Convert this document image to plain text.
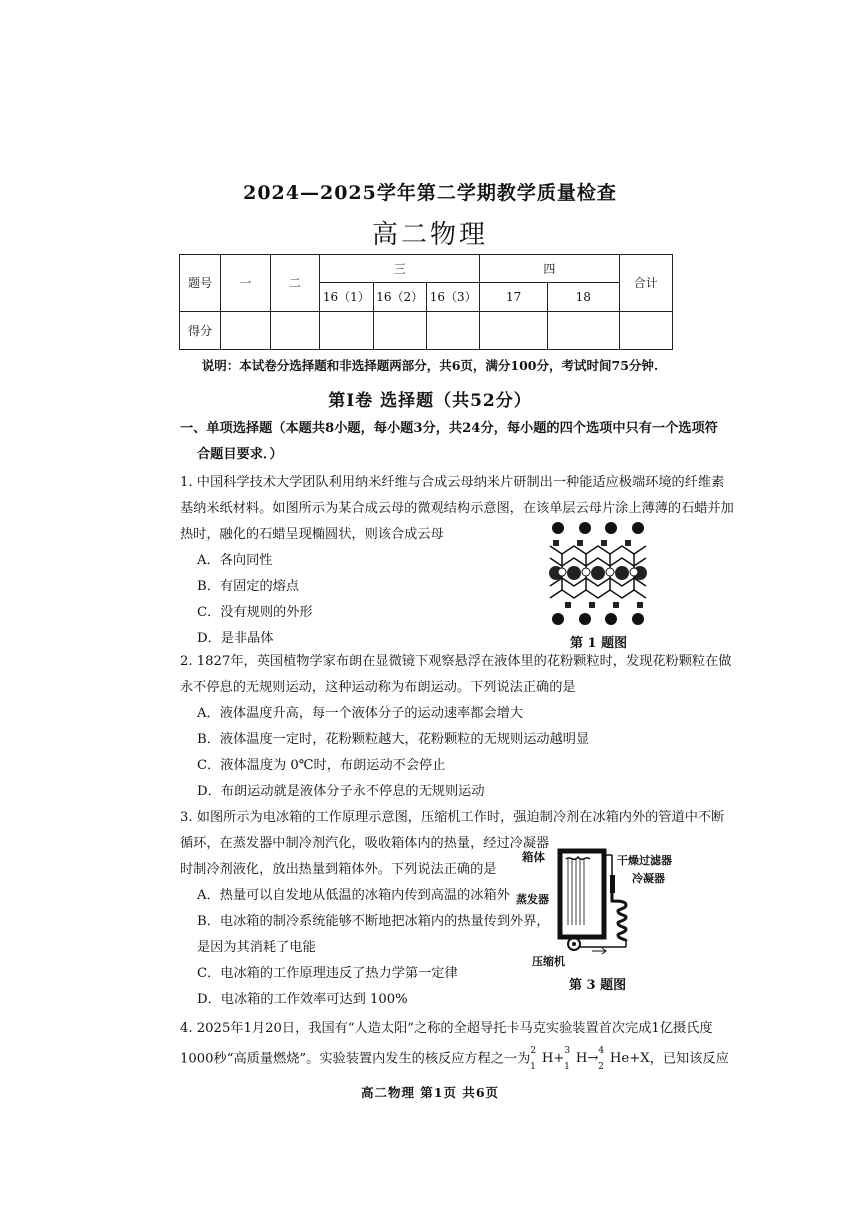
2024—2025学年第二学期教学质量检查
高二物理
题号	一	二	三			四		合计
			16（1）	16（2）	16（3）	17	18	
得分								
说明：本试卷分选择题和非选择题两部分，共6页，满分100分，考试时间75分钟.
第Ⅰ卷 选择题（共52分）
一、单项选择题（本题共8小题，每小题3分，共24分，每小题的四个选项中只有一个选项符
合题目要求．）
1. 中国科学技术大学团队利用纳米纤维与合成云母纳米片研制出一种能适应极端环境的纤维素
基纳米纸材料。如图所示为某合成云母的微观结构示意图，在该单层云母片涂上薄薄的石蜡并加
热时，融化的石蜡呈现椭圆状，则该合成云母
A．各向同性
B．有固定的熔点
C．没有规则的外形
D．是非晶体	第 1 题图
2. 1827年，英国植物学家布朗在显微镜下观察悬浮在液体里的花粉颗粒时，发现花粉颗粒在做
永不停息的无规则运动，这种运动称为布朗运动。下列说法正确的是
A．液体温度升高，每一个液体分子的运动速率都会增大
B．液体温度一定时，花粉颗粒越大，花粉颗粒的无规则运动越明显
C．液体温度为 0℃时，布朗运动不会停止
D．布朗运动就是液体分子永不停息的无规则运动
3. 如图所示为电冰箱的工作原理示意图，压缩机工作时，强迫制冷剂在冰箱内外的管道中不断
循环，在蒸发器中制冷剂汽化，吸收箱体内的热量，经过冷凝器
时制冷剂液化，放出热量到箱体外。下列说法正确的是
A．热量可以自发地从低温的冰箱内传到高温的冰箱外
B．电冰箱的制冷系统能够不断地把冰箱内的热量传到外界，
是因为其消耗了电能
C．电冰箱的工作原理违反了热力学第一定律
D．电冰箱的工作效率可达到 100%
箱体	干燥过滤器
冷凝器
蒸发器
压缩机
第 3 题图
4. 2025年1月20日，我国有“人造太阳”之称的全超导托卡马克实验装置首次完成1亿摄氏度
1000秒“高质量燃烧”。实验装置内发生的核反应方程之一为$^2_1$H+$^3_1$H→$^4_2$He+X，已知该反应
高二物理 第1页 共6页
